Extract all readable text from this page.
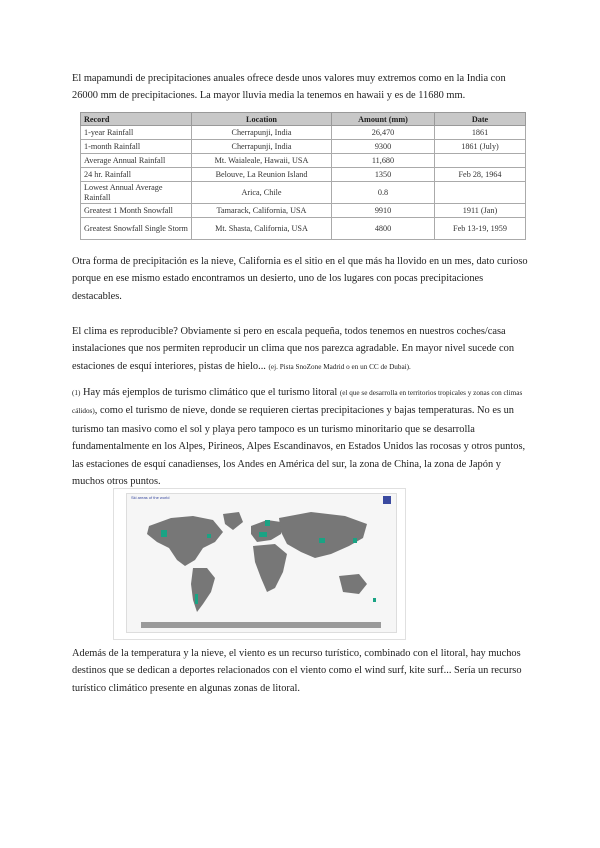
El mapamundi de precipitaciones anuales ofrece desde unos valores muy extremos como en la India con 26000 mm de precipitaciones. La mayor lluvia media la tenemos en hawaii y es de 11680 mm.

Record	Location	Amount (mm)	Date
1-year Rainfall	Cherrapunji, India	26,470	1861
1-month Rainfall	Cherrapunji, India	9300	1861 (July)
Average Annual Rainfall	Mt. Waialeale, Hawaii, USA	11,680	
24 hr. Rainfall	Belouve, La Reunion Island	1350	Feb 28, 1964
Lowest Annual Average Rainfall	Arica, Chile	0.8	
Greatest 1 Month Snowfall	Tamarack, California, USA	9910	1911 (Jan)
Greatest Snowfall Single Storm	Mt. Shasta, California, USA	4800	Feb 13-19, 1959

Otra forma de precipitación es la nieve, California es el sitio en el que más ha llovido en un mes, dato curioso porque en ese mismo estado encontramos un desierto, uno de los lugares con pocas precipitaciones destacables.

El clima es reproducible? Obviamente si pero en escala pequeña, todos tenemos en nuestros coches/casa instalaciones que nos permiten reproducir un clima que nos parezca agradable. En mayor nivel sucede con estaciones de esquí interiores, pistas de hielo... (ej. Pista SnoZone Madrid o en un CC de Dubai).

(1) Hay más ejemplos de turismo climático que el turismo litoral (el que se desarrolla en territorios tropicales y zonas con climas cálidos), como el turismo de nieve, donde se requieren ciertas precipitaciones y bajas temperaturas. No es un turismo tan masivo como el sol y playa pero tampoco es un turismo minoritario que se desarrolla fundamentalmente en los Alpes, Pirineos, Alpes Escandinavos, en Estados Unidos las rocosas y otros puntos, las estaciones de esquí canadienses, los Andes en América del sur, la zona de China, la zona de Japón y muchos otros puntos.

Además de la temperatura y la nieve, el viento es un recurso turístico, combinado con el litoral, hay muchos destinos que se dedican a deportes relacionados con el viento como el wind surf, kite surf... Sería un recurso turístico climático presente en algunas zonas de litoral.

Ski areas of the world
